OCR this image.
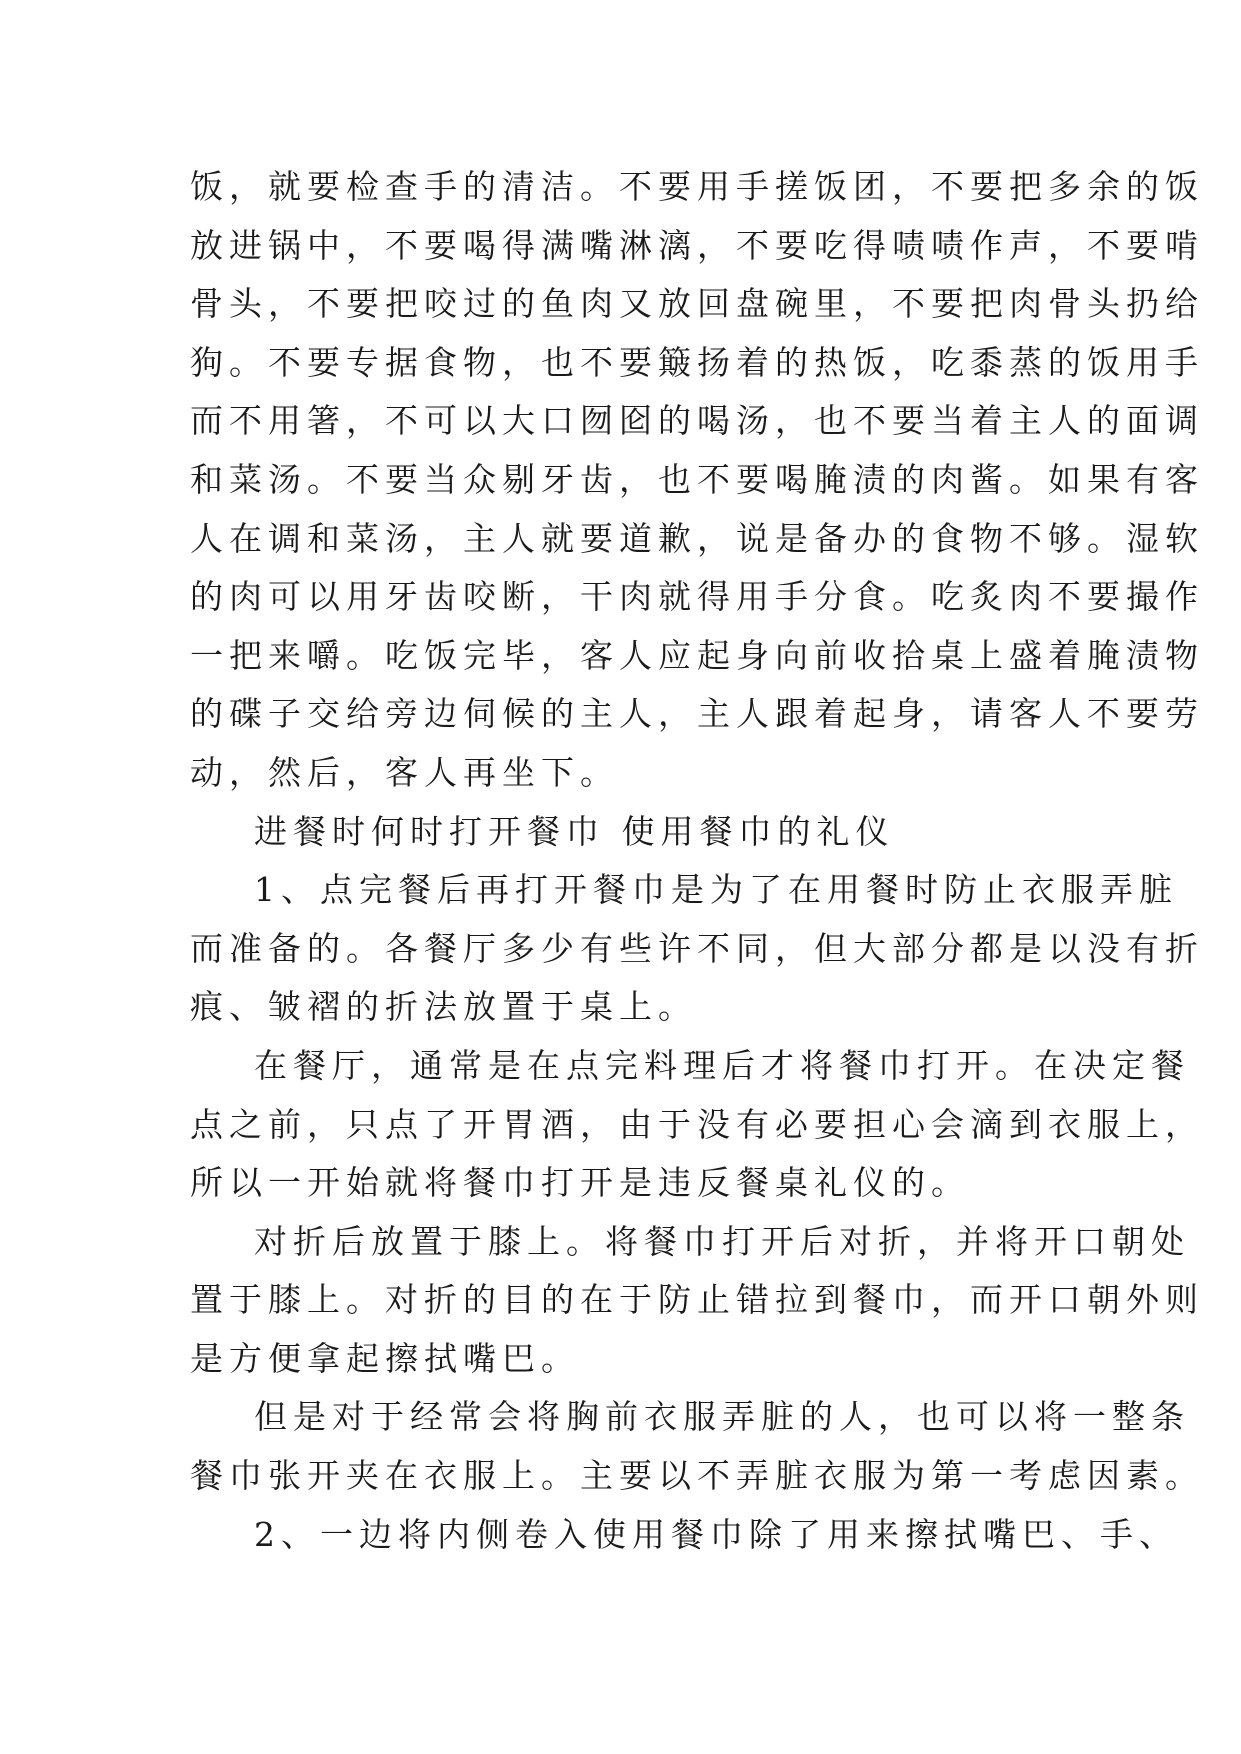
饭，就要检查手的清洁。不要用手搓饭团，不要把多余的饭
放进锅中，不要喝得满嘴淋漓，不要吃得啧啧作声，不要啃
骨头，不要把咬过的鱼肉又放回盘碗里，不要把肉骨头扔给
狗。不要专据食物，也不要簸扬着的热饭，吃黍蒸的饭用手
而不用箸，不可以大口囫囵的喝汤，也不要当着主人的面调
和菜汤。不要当众剔牙齿，也不要喝腌渍的肉酱。如果有客
人在调和菜汤，主人就要道歉，说是备办的食物不够。湿软
的肉可以用牙齿咬断，干肉就得用手分食。吃炙肉不要撮作
一把来嚼。吃饭完毕，客人应起身向前收拾桌上盛着腌渍物
的碟子交给旁边伺候的主人，主人跟着起身，请客人不要劳
动，然后，客人再坐下。
进餐时何时打开餐巾 使用餐巾的礼仪
1、点完餐后再打开餐巾是为了在用餐时防止衣服弄脏
而准备的。各餐厅多少有些许不同，但大部分都是以没有折
痕、皱褶的折法放置于桌上。
在餐厅，通常是在点完料理后才将餐巾打开。在决定餐
点之前，只点了开胃酒，由于没有必要担心会滴到衣服上，
所以一开始就将餐巾打开是违反餐桌礼仪的。
对折后放置于膝上。将餐巾打开后对折，并将开口朝处
置于膝上。对折的目的在于防止错拉到餐巾，而开口朝外则
是方便拿起擦拭嘴巴。
但是对于经常会将胸前衣服弄脏的人，也可以将一整条
餐巾张开夹在衣服上。主要以不弄脏衣服为第一考虑因素。
2、一边将内侧卷入使用餐巾除了用来擦拭嘴巴、手、
